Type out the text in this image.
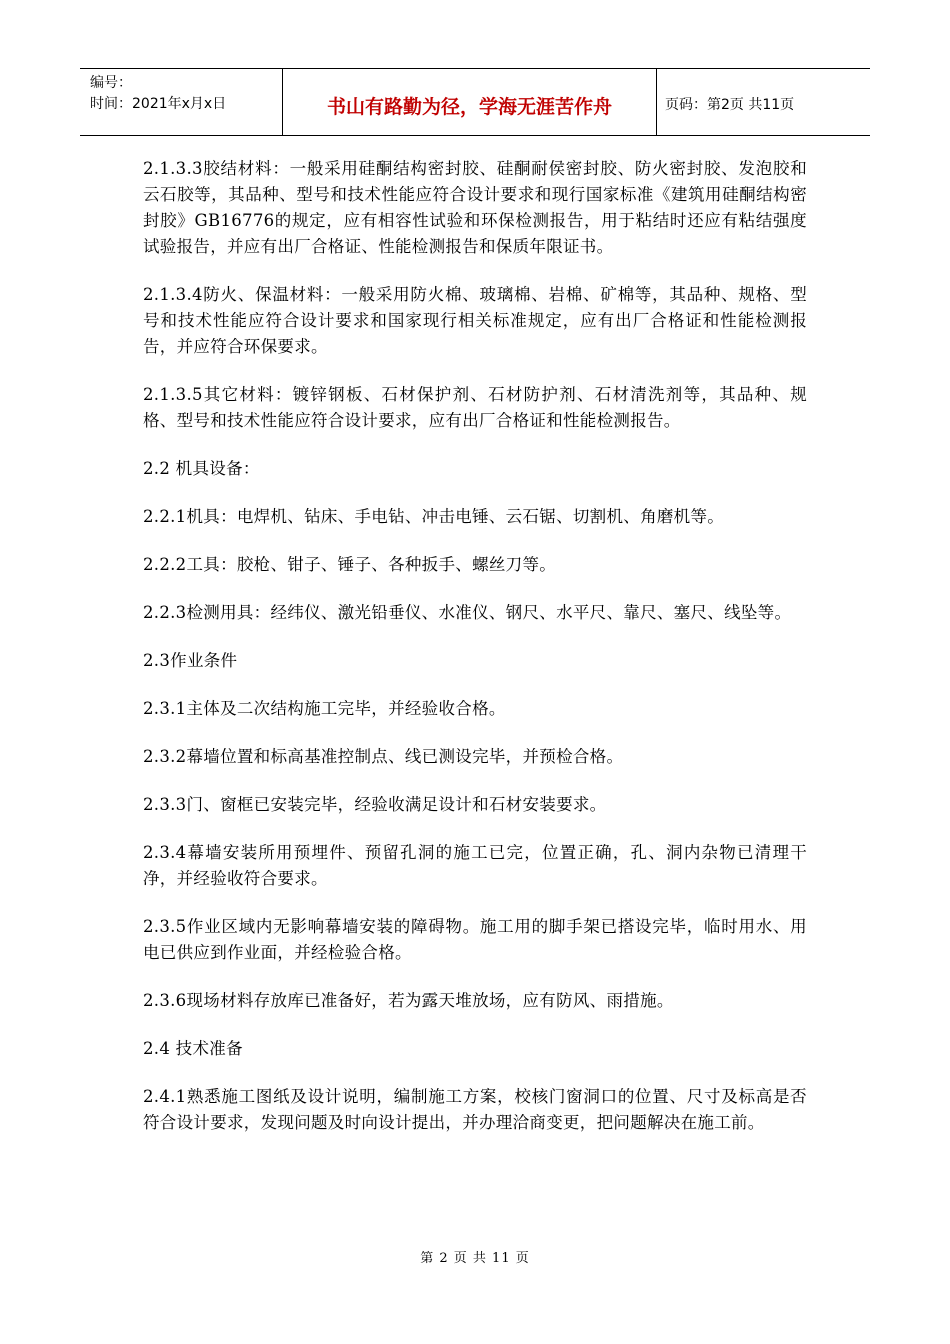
编号：
时间：2021年x月x日	书山有路勤为径，学海无涯苦作舟	页码：第2页 共11页

2.1.3.3胶结材料：一般采用硅酮结构密封胶、硅酮耐侯密封胶、防火密封胶、发泡胶和云石胶等，其品种、型号和技术性能应符合设计要求和现行国家标准《建筑用硅酮结构密封胶》GB16776的规定，应有相容性试验和环保检测报告，用于粘结时还应有粘结强度试验报告，并应有出厂合格证、性能检测报告和保质年限证书。

2.1.3.4防火、保温材料：一般采用防火棉、玻璃棉、岩棉、矿棉等，其品种、规格、型号和技术性能应符合设计要求和国家现行相关标准规定，应有出厂合格证和性能检测报告，并应符合环保要求。

2.1.3.5其它材料：镀锌钢板、石材保护剂、石材防护剂、石材清洗剂等，其品种、规格、型号和技术性能应符合设计要求，应有出厂合格证和性能检测报告。

2.2 机具设备：

2.2.1机具：电焊机、钻床、手电钻、冲击电锤、云石锯、切割机、角磨机等。

2.2.2工具：胶枪、钳子、锤子、各种扳手、螺丝刀等。

2.2.3检测用具：经纬仪、激光铅垂仪、水准仪、钢尺、水平尺、靠尺、塞尺、线坠等。

2.3作业条件

2.3.1主体及二次结构施工完毕，并经验收合格。

2.3.2幕墙位置和标高基准控制点、线已测设完毕，并预检合格。

2.3.3门、窗框已安装完毕，经验收满足设计和石材安装要求。

2.3.4幕墙安装所用预埋件、预留孔洞的施工已完，位置正确，孔、洞内杂物已清理干净，并经验收符合要求。

2.3.5作业区域内无影响幕墙安装的障碍物。施工用的脚手架已搭设完毕，临时用水、用电已供应到作业面，并经检验合格。

2.3.6现场材料存放库已准备好，若为露天堆放场，应有防风、雨措施。

2.4 技术准备

2.4.1熟悉施工图纸及设计说明，编制施工方案，校核门窗洞口的位置、尺寸及标高是否符合设计要求，发现问题及时向设计提出，并办理洽商变更，把问题解决在施工前。

第 2 页 共 11 页
